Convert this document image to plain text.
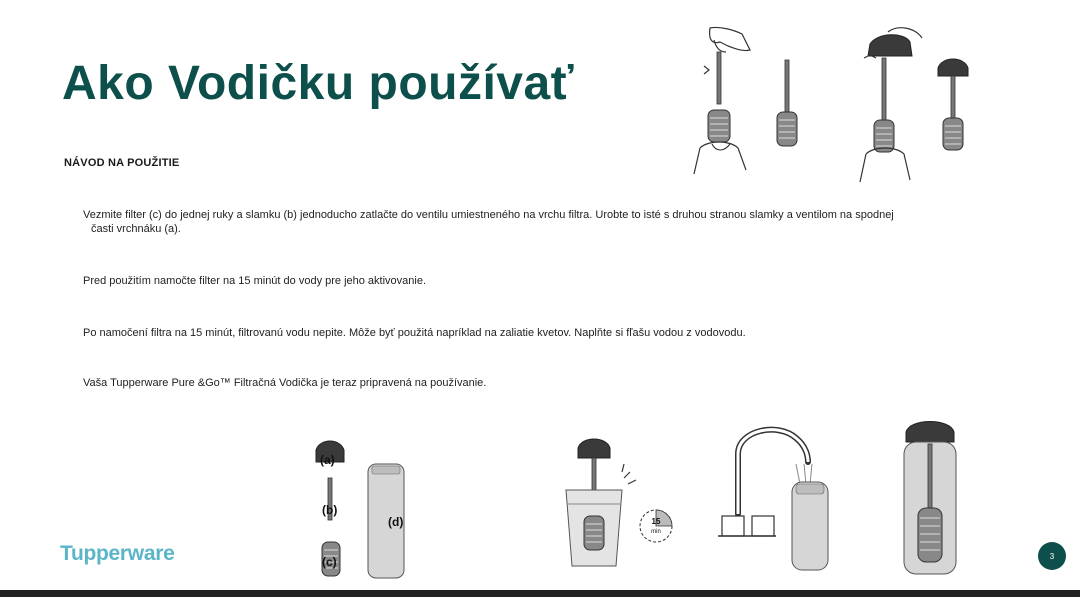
Ako Vodičku používať

NÁVOD NA POUŽITIE

Vezmite filter (c) do jednej ruky a slamku (b) jednoducho zatlačte do ventilu umiestneného na vrchu filtra. Urobte to isté s druhou stranou slamky a ventilom na spodnej
časti vrchnáku (a).

Pred použitím namočte filter na 15 minút do vody pre jeho aktivovanie.

Po namočení filtra na 15 minút, filtrovanú vodu nepite. Môže byť použitá napríklad na zaliatie kvetov. Naplňte si fľašu vodou z vodovodu.

Vaša Tupperware Pure &Go™ Filtračná Vodička je teraz pripravená na používanie.

(a)
(b)
(c)
(d)	15
min

Tupperware	3
